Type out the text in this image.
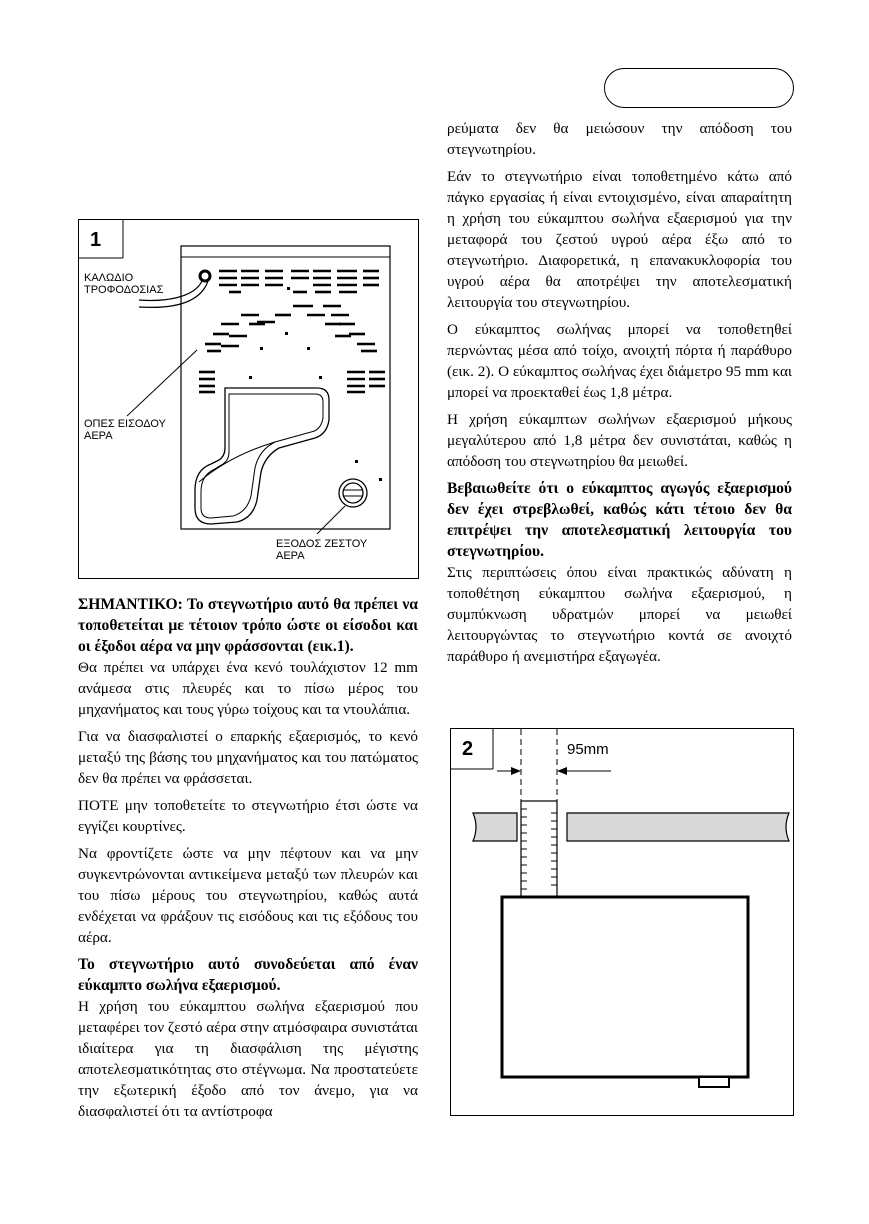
1
ΚΑΛΩΔΙΟ
ΤΡΟΦΟΔΟΣΙΑΣ
ΟΠΕΣ ΕΙΣΟΔΟΥ
ΑΕΡΑ
ΕΞΟΔΟΣ ΖΕΣΤΟΥ
ΑΕΡΑ
2	95mm
ΣΗΜΑΝΤΙΚΟ: Το στεγνωτήριο αυτό θα πρέπει να τοποθετείται με τέτοιον τρόπο ώστε οι είσοδοι και οι έξοδοι αέρα να μην φράσσονται (εικ.1).

Θα πρέπει να υπάρχει ένα κενό τουλάχιστον 12 mm ανάμεσα στις πλευρές και το πίσω μέρος του μηχανήματος και τους γύρω τοίχους και τα ντουλάπια.

Για να διασφαλιστεί ο επαρκής εξαερισμός, το κενό μεταξύ της βάσης του μηχανήματος και του πατώματος δεν θα πρέπει να φράσσεται.

ΠΟΤΕ μην τοποθετείτε το στεγνωτήριο έτσι ώστε να εγγίζει κουρτίνες.

Να φροντίζετε ώστε να μην πέφτουν και να μην συγκεντρώνονται αντικείμενα μεταξύ των πλευρών και του πίσω μέρους του στεγνωτηρίου, καθώς αυτά ενδέχεται να φράξουν τις εισόδους και τις εξόδους του αέρα.

Το στεγνωτήριο αυτό συνοδεύεται από έναν εύκαμπτο σωλήνα εξαερισμού.

Η χρήση του εύκαμπτου σωλήνα εξαερισμού που μεταφέρει τον ζεστό αέρα στην ατμόσφαιρα συνιστάται ιδιαίτερα για τη διασφάλιση της μέγιστης αποτελεσματικότητας στο στέγνωμα. Να προστατεύετε την εξωτερική έξοδο από τον άνεμο, για να διασφαλιστεί ότι τα αντίστροφα

ρεύματα δεν θα μειώσουν την απόδοση του στεγνωτηρίου.

Εάν το στεγνωτήριο είναι τοποθετημένο κάτω από πάγκο εργασίας ή είναι εντοιχισμένο, είναι απαραίτητη η χρήση του εύκαμπτου σωλήνα εξαερισμού για την μεταφορά του ζεστού υγρού αέρα έξω από το στεγνωτήριο. Διαφορετικά, η επανακυκλοφορία του υγρού αέρα θα αποτρέψει την αποτελεσματική λειτουργία του στεγνωτηρίου.

Ο εύκαμπτος σωλήνας μπορεί να τοποθετηθεί περνώντας μέσα από τοίχο, ανοιχτή πόρτα ή παράθυρο (εικ. 2). Ο εύκαμπτος σωλήνας έχει διάμετρο 95 mm και μπορεί να προεκταθεί έως 1,8 μέτρα.

Η χρήση εύκαμπτων σωλήνων εξαερισμού μήκους μεγαλύτερου από 1,8 μέτρα δεν συνιστάται, καθώς η απόδοση του στεγνωτηρίου θα μειωθεί.

Βεβαιωθείτε ότι ο εύκαμπτος αγωγός εξαερισμού δεν έχει στρεβλωθεί, καθώς κάτι τέτοιο δεν θα επιτρέψει την αποτελεσματική λειτουργία του στεγνωτηρίου.

Στις περιπτώσεις όπου είναι πρακτικώς αδύνατη η τοποθέτηση εύκαμπτου σωλήνα εξαερισμού, η συμπύκνωση υδρατμών μπορεί να μειωθεί λειτουργώντας το στεγνωτήριο κοντά σε ανοιχτό παράθυρο ή ανεμιστήρα εξαγωγέα.
